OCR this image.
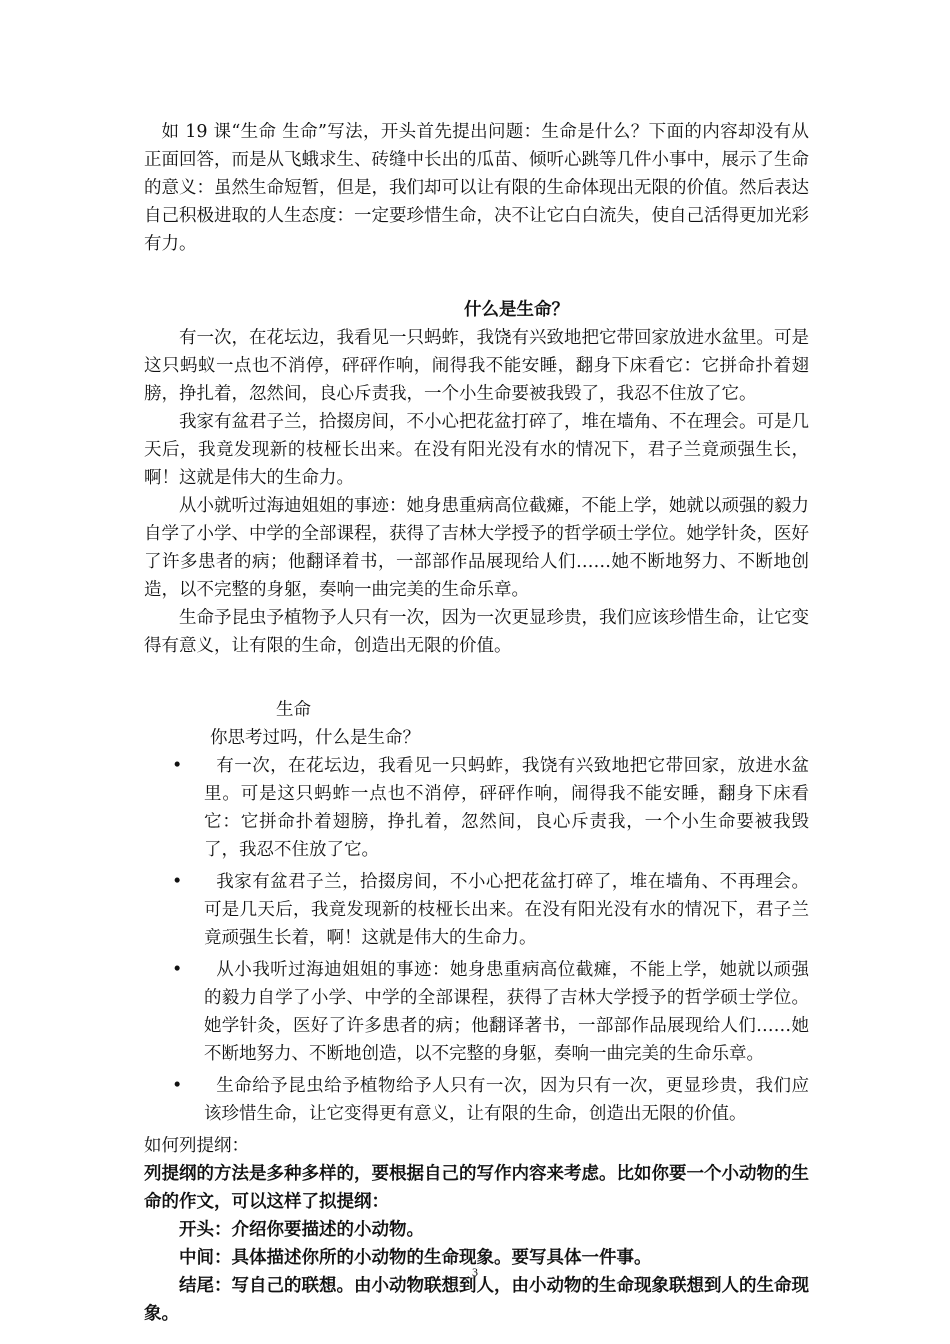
如 19 课“生命 生命”写法，开头首先提出问题：生命是什么？下面的内容却没有从正面回答，而是从飞蛾求生、砖缝中长出的瓜苗、倾听心跳等几件小事中，展示了生命的意义：虽然生命短暂，但是，我们却可以让有限的生命体现出无限的价值。然后表达自己积极进取的人生态度：一定要珍惜生命，决不让它白白流失，使自己活得更加光彩有力。

什么是生命？

有一次，在花坛边，我看见一只蚂蚱，我饶有兴致地把它带回家放进水盆里。可是这只蚂蚁一点也不消停，砰砰作响，闹得我不能安睡，翻身下床看它：它拼命扑着翅膀，挣扎着，忽然间，良心斥责我，一个小生命要被我毁了，我忍不住放了它。

我家有盆君子兰，拾掇房间，不小心把花盆打碎了，堆在墙角、不在理会。可是几天后，我竟发现新的枝桠长出来。在没有阳光没有水的情况下，君子兰竟顽强生长，啊！这就是伟大的生命力。

从小就听过海迪姐姐的事迹：她身患重病高位截瘫，不能上学，她就以顽强的毅力自学了小学、中学的全部课程，获得了吉林大学授予的哲学硕士学位。她学针灸，医好了许多患者的病；他翻译着书，一部部作品展现给人们……她不断地努力、不断地创造，以不完整的身躯，奏响一曲完美的生命乐章。

生命予昆虫予植物予人只有一次，因为一次更显珍贵，我们应该珍惜生命，让它变得有意义，让有限的生命，创造出无限的价值。

生命

你思考过吗，什么是生命？

• 有一次，在花坛边，我看见一只蚂蚱，我饶有兴致地把它带回家，放进水盆里。可是这只蚂蚱一点也不消停，砰砰作响，闹得我不能安睡，翻身下床看它：它拼命扑着翅膀，挣扎着，忽然间，良心斥责我，一个小生命要被我毁了，我忍不住放了它。
• 我家有盆君子兰，拾掇房间，不小心把花盆打碎了，堆在墙角、不再理会。可是几天后，我竟发现新的枝桠长出来。在没有阳光没有水的情况下，君子兰竟顽强生长着，啊！这就是伟大的生命力。
• 从小我听过海迪姐姐的事迹：她身患重病高位截瘫，不能上学，她就以顽强的毅力自学了小学、中学的全部课程，获得了吉林大学授予的哲学硕士学位。她学针灸，医好了许多患者的病；他翻译著书，一部部作品展现给人们……她不断地努力、不断地创造，以不完整的身躯，奏响一曲完美的生命乐章。
• 生命给予昆虫给予植物给予人只有一次，因为只有一次，更显珍贵，我们应该珍惜生命，让它变得更有意义，让有限的生命，创造出无限的价值。

如何列提纲：

列提纲的方法是多种多样的，要根据自己的写作内容来考虑。比如你要一个小动物的生命的作文，可以这样了拟提纲：

开头：介绍你要描述的小动物。

中间：具体描述你所的小动物的生命现象。要写具体一件事。

结尾：写自己的联想。由小动物联想到人，由小动物的生命现象联想到人的生命现象。

3
